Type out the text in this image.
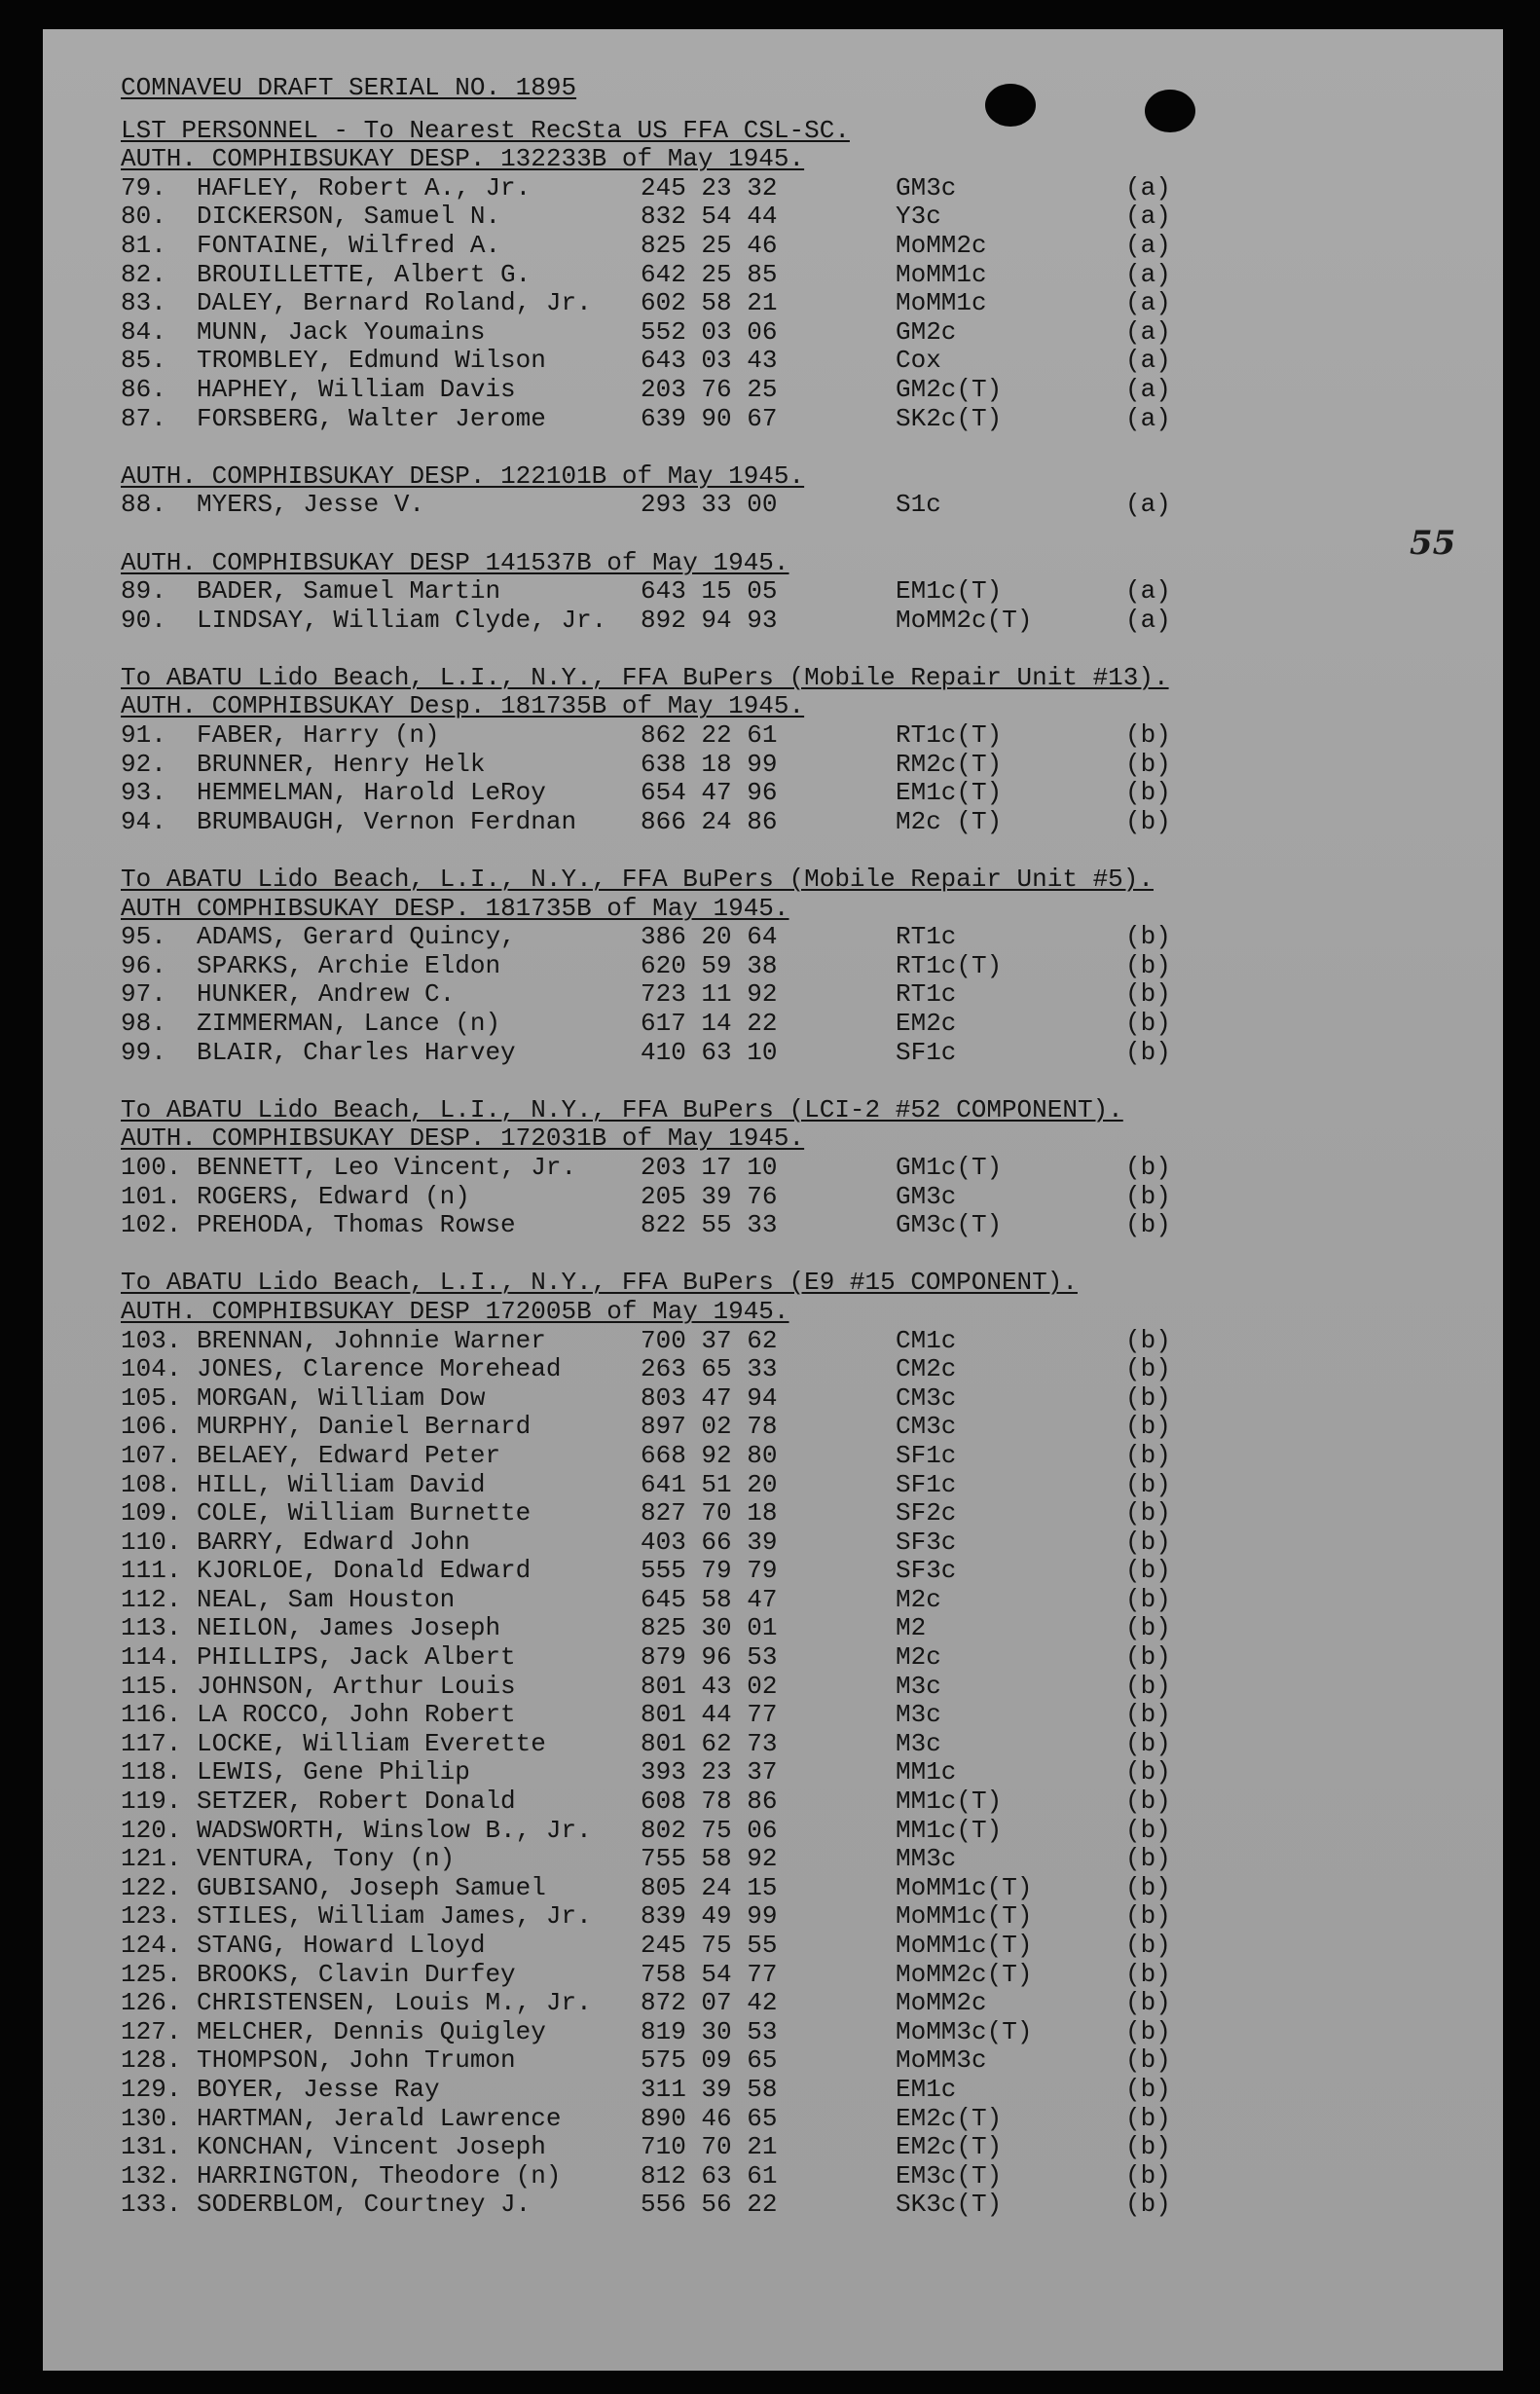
55
COMNAVEU DRAFT SERIAL NO. 1895
LST PERSONNEL - To Nearest RecSta US FFA CSL-SC.
AUTH. COMPHIBSUKAY DESP. 132233B of May 1945.
79. HAFLEY, Robert A., Jr.	245 23 32	GM3c	(a)
80. DICKERSON, Samuel N.	832 54 44	Y3c	(a)
81. FONTAINE, Wilfred A.	825 25 46	MoMM2c	(a)
82. BROUILLETTE, Albert G.	642 25 85	MoMM1c	(a)
83. DALEY, Bernard Roland, Jr. 602 58 21	MoMM1c	(a)
84. MUNN, Jack Youmains	552 03 06	GM2c	(a)
85. TROMBLEY, Edmund Wilson	643 03 43	Cox	(a)
86. HAPHEY, William Davis	203 76 25	GM2c(T)	(a)
87. FORSBERG, Walter Jerome	639 90 67	SK2c(T)	(a)
AUTH. COMPHIBSUKAY DESP. 122101B of May 1945.
88. MYERS, Jesse V.	293 33 00	S1c	(a)
AUTH. COMPHIBSUKAY DESP 141537B of May 1945.
89. BADER, Samuel Martin	643 15 05	EM1c(T)	(a)
90. LINDSAY, William Clyde, Jr. 892 94 93	MoMM2c(T)	(a)
To ABATU Lido Beach, L.I., N.Y., FFA BuPers (Mobile Repair Unit #13).
AUTH. COMPHIBSUKAY Desp. 181735B of May 1945.
91. FABER, Harry (n)	862 22 61	RT1c(T)	(b)
92. BRUNNER, Henry Helk	638 18 99	RM2c(T)	(b)
93. HEMMELMAN, Harold LeRoy	654 47 96	EM1c(T)	(b)
94. BRUMBAUGH, Vernon Ferdnan	866 24 86	M2c (T)	(b)
To ABATU Lido Beach, L.I., N.Y., FFA BuPers (Mobile Repair Unit #5).
AUTH COMPHIBSUKAY DESP. 181735B of May 1945.
95. ADAMS, Gerard Quincy,	386 20 64	RT1c	(b)
96. SPARKS, Archie Eldon	620 59 38	RT1c(T)	(b)
97. HUNKER, Andrew C.	723 11 92	RT1c	(b)
98. ZIMMERMAN, Lance (n)	617 14 22	EM2c	(b)
99. BLAIR, Charles Harvey	410 63 10	SF1c	(b)
To ABATU Lido Beach, L.I., N.Y., FFA BuPers (LCI-2 #52 COMPONENT).
AUTH. COMPHIBSUKAY DESP. 172031B of May 1945.
100. BENNETT, Leo Vincent, Jr.	203 17 10	GM1c(T)	(b)
101. ROGERS, Edward (n)	205 39 76	GM3c	(b)
102. PREHODA, Thomas Rowse	822 55 33	GM3c(T)	(b)
To ABATU Lido Beach, L.I., N.Y., FFA BuPers (E9 #15 COMPONENT).
AUTH. COMPHIBSUKAY DESP 172005B of May 1945.
103. BRENNAN, Johnnie Warner	700 37 62	CM1c	(b)
104. JONES, Clarence Morehead	263 65 33	CM2c	(b)
105. MORGAN, William Dow	803 47 94	CM3c	(b)
106. MURPHY, Daniel Bernard	897 02 78	CM3c	(b)
107. BELAEY, Edward Peter	668 92 80	SF1c	(b)
108. HILL, William David	641 51 20	SF1c	(b)
109. COLE, William Burnette	827 70 18	SF2c	(b)
110. BARRY, Edward John	403 66 39	SF3c	(b)
111. KJORLOE, Donald Edward	555 79 79	SF3c	(b)
112. NEAL, Sam Houston	645 58 47	M2c	(b)
113. NEILON, James Joseph	825 30 01	M2	(b)
114. PHILLIPS, Jack Albert	879 96 53	M2c	(b)
115. JOHNSON, Arthur Louis	801 43 02	M3c	(b)
116. LA ROCCO, John Robert	801 44 77	M3c	(b)
117. LOCKE, William Everette	801 62 73	M3c	(b)
118. LEWIS, Gene Philip	393 23 37	MM1c	(b)
119. SETZER, Robert Donald	608 78 86	MM1c(T)	(b)
120. WADSWORTH, Winslow B., Jr. 802 75 06	MM1c(T)	(b)
121. VENTURA, Tony (n)	755 58 92	MM3c	(b)
122. GUBISANO, Joseph Samuel	805 24 15	MoMM1c(T)	(b)
123. STILES, William James, Jr. 839 49 99	MoMM1c(T)	(b)
124. STANG, Howard Lloyd	245 75 55	MoMM1c(T)	(b)
125. BROOKS, Clavin Durfey	758 54 77	MoMM2c(T)	(b)
126. CHRISTENSEN, Louis M., Jr. 872 07 42	MoMM2c	(b)
127. MELCHER, Dennis Quigley	819 30 53	MoMM3c(T)	(b)
128. THOMPSON, John Trumon	575 09 65	MoMM3c	(b)
129. BOYER, Jesse Ray	311 39 58	EM1c	(b)
130. HARTMAN, Jerald Lawrence	890 46 65	EM2c(T)	(b)
131. KONCHAN, Vincent Joseph	710 70 21	EM2c(T)	(b)
132. HARRINGTON, Theodore (n)	812 63 61	EM3c(T)	(b)
133. SODERBLOM, Courtney J.	556 56 22	SK3c(T)	(b)
